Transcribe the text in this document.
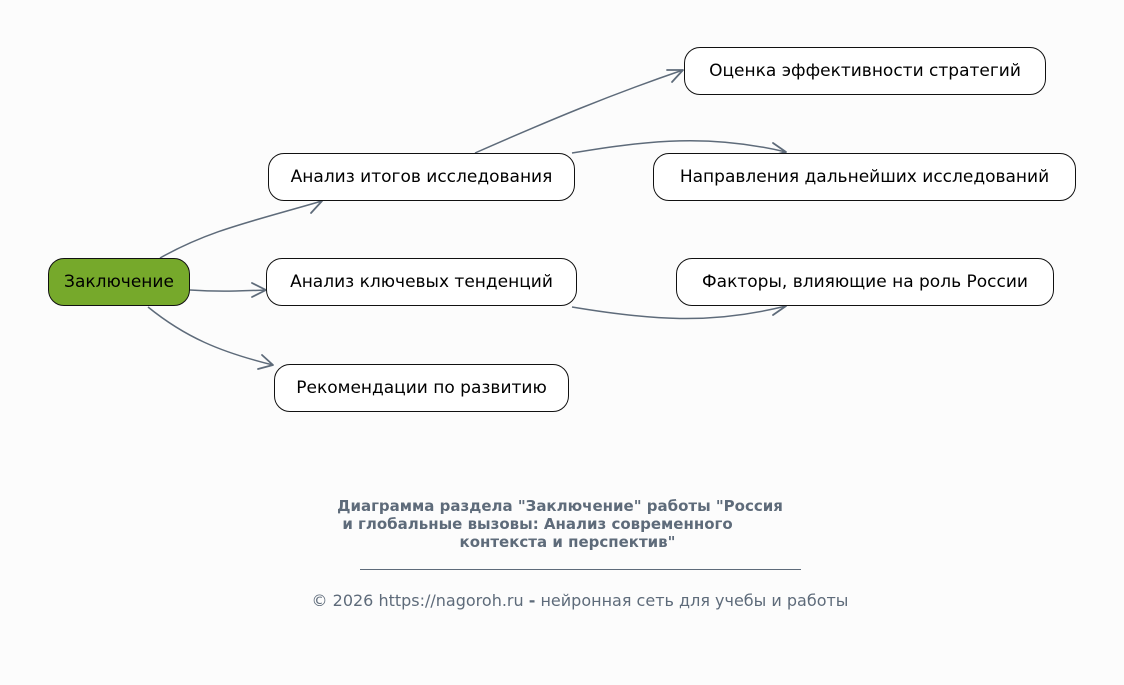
Заключение
Анализ итогов исследования
Анализ ключевых тенденций
Рекомендации по развитию
Оценка эффективности стратегий
Направления дальнейших исследований
Факторы, влияющие на роль России
Диаграмма раздела "Заключение" работы "Россия
и глобальные вызовы: Анализ современного
контекста и перспектив"
© 2026 https://nagoroh.ru - нейронная сеть для учебы и работы
